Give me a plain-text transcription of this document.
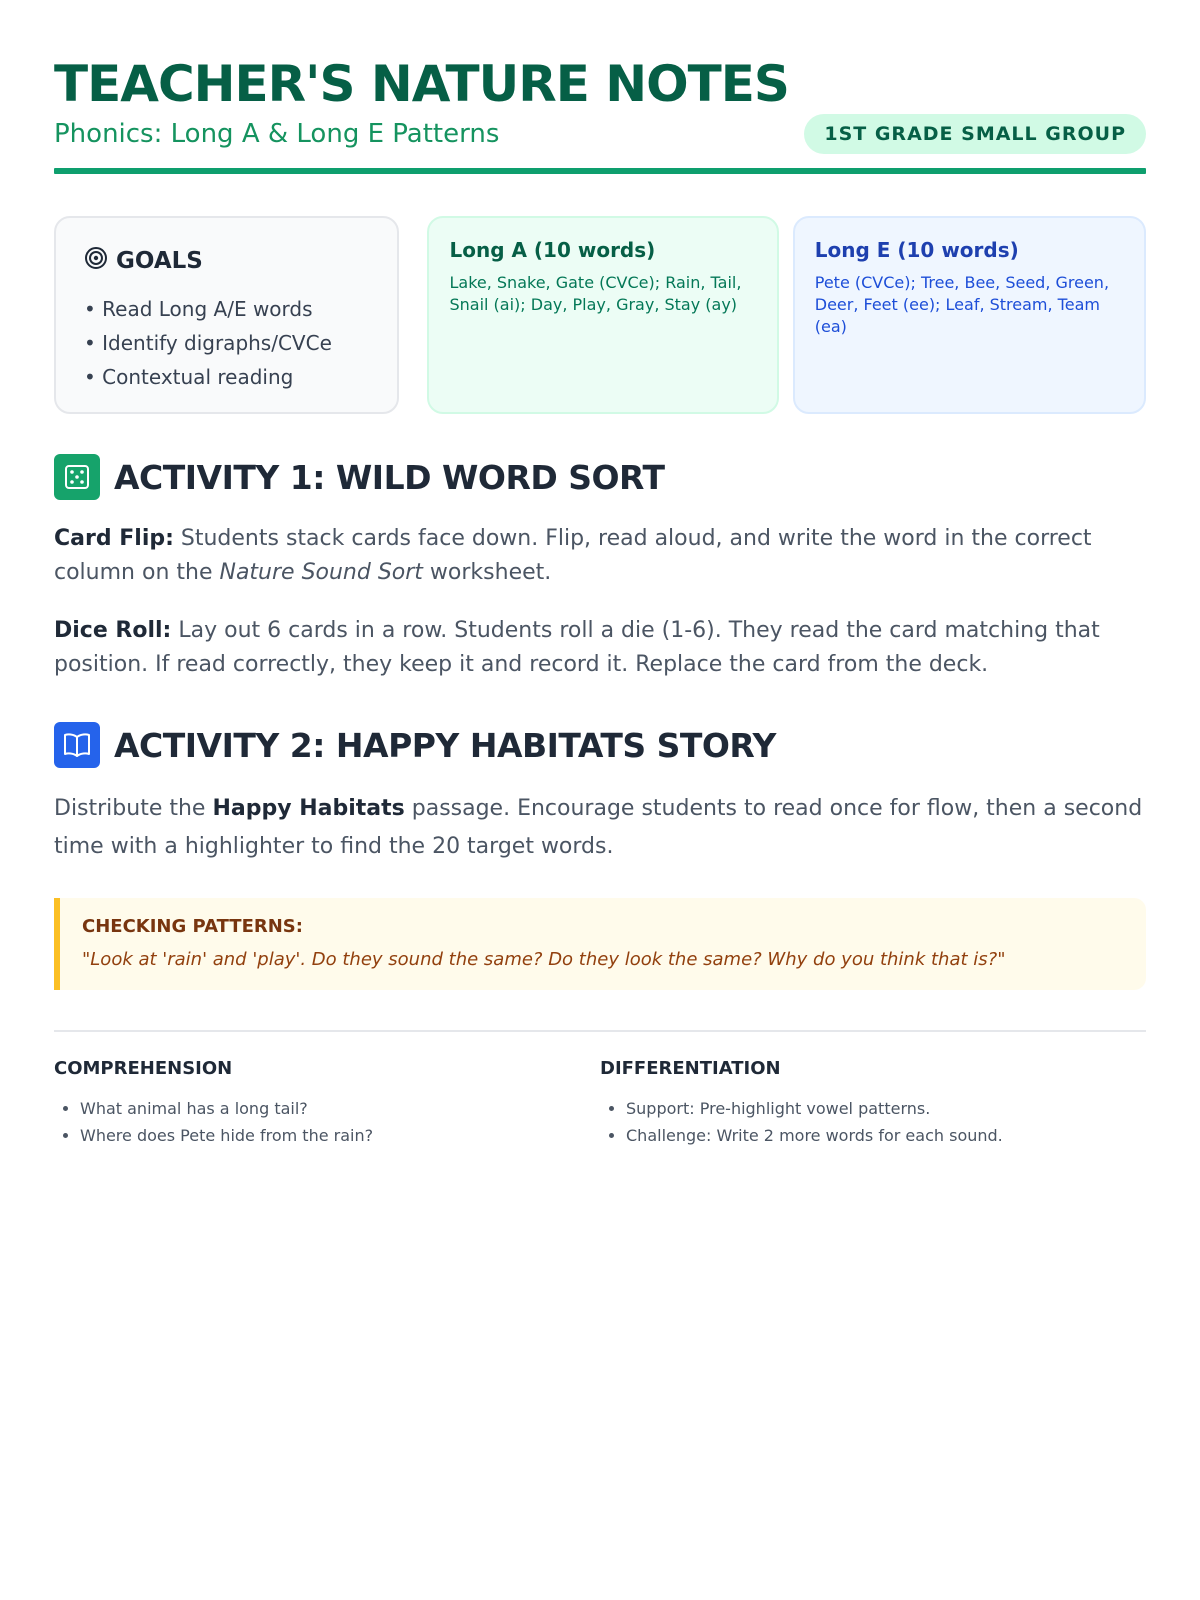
TEACHER'S NATURE NOTES
Phonics: Long A & Long E Patterns	1ST GRADE SMALL GROUP
GOALS
• Read Long A/E words
• Identify digraphs/CVCe
• Contextual reading
Long A (10 words)
Lake, Snake, Gate (CVCe); Rain, Tail, Snail (ai); Day, Play, Gray, Stay (ay)
Long E (10 words)
Pete (CVCe); Tree, Bee, Seed, Green, Deer, Feet (ee); Leaf, Stream, Team (ea)
ACTIVITY 1: WILD WORD SORT

Card Flip: Students stack cards face down. Flip, read aloud, and write the word in the correct column on the Nature Sound Sort worksheet.

Dice Roll: Lay out 6 cards in a row. Students roll a die (1-6). They read the card matching that position. If read correctly, they keep it and record it. Replace the card from the deck.

ACTIVITY 2: HAPPY HABITATS STORY

Distribute the Happy Habitats passage. Encourage students to read once for flow, then a second time with a highlighter to find the 20 target words.

CHECKING PATTERNS:
"Look at 'rain' and 'play'. Do they sound the same? Do they look the same? Why do you think that is?"
COMPREHENSION
• What animal has a long tail?
• Where does Pete hide from the rain?
DIFFERENTIATION
• Support: Pre-highlight vowel patterns.
• Challenge: Write 2 more words for each sound.
